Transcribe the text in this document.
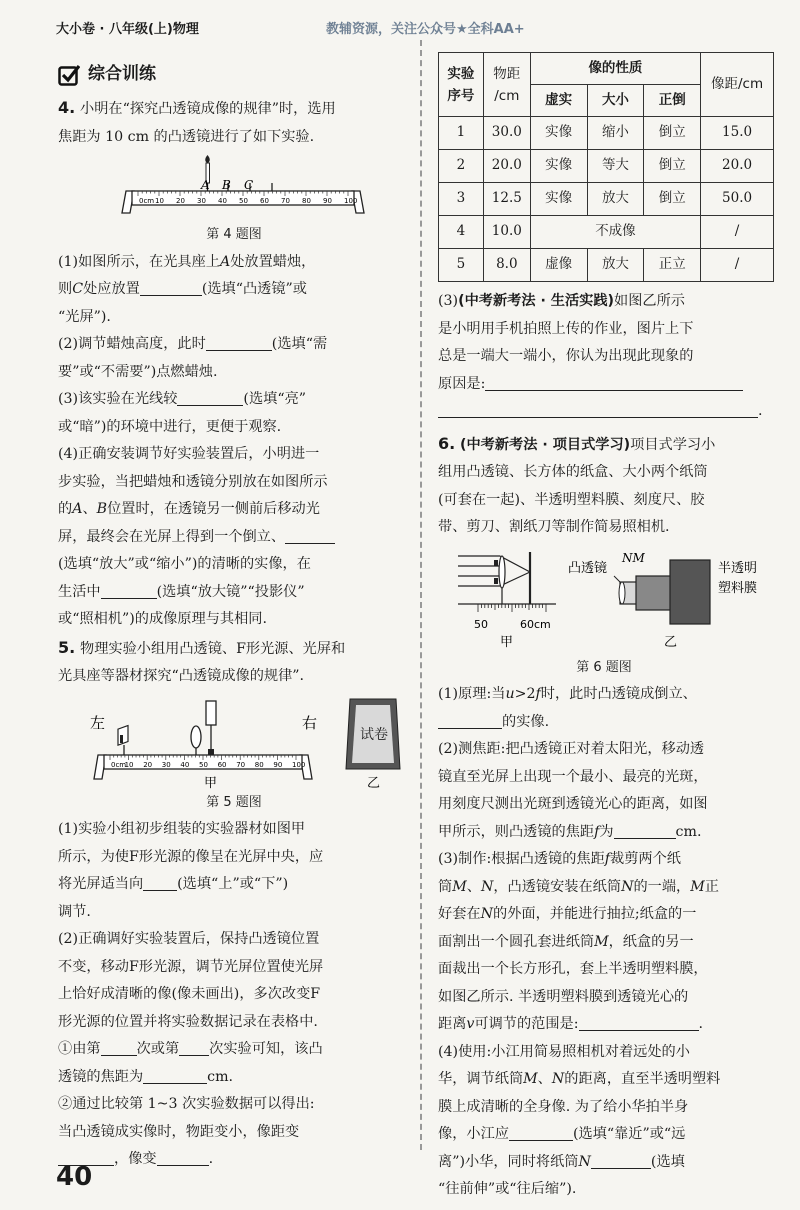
大小卷 · 八年级(上)物理	教辅资源，关注公众号★全科AA+
综合训练

4. 小明在“探究凸透镜成像的规律”时，选用

焦距为 10 cm 的凸透镜进行了如下实验.

0cm 10 20 30 40 50 60 70 80 90 100
A B C
第 4 题图

(1)如图所示，在光具座上A处放置蜡烛，

则C处应放置	(选填“凸透镜”或

“光屏”).

(2)调节蜡烛高度，此时	(选填“需

要”或“不需要”)点燃蜡烛.

(3)该实验在光线较	(选填“亮”

或“暗”)的环境中进行，更便于观察.

(4)正确安装调节好实验装置后，小明进一

步实验，当把蜡烛和透镜分别放在如图所示

的A、B位置时，在透镜另一侧前后移动光

屏，最终会在光屏上得到一个倒立、

(选填“放大”或“缩小”)的清晰的实像，在

生活中	(选填“放大镜”“投影仪”

或“照相机”)的成像原理与其相同.

5. 物理实验小组用凸透镜、F形光源、光屏和

光具座等器材探究“凸透镜成像的规律”.

左	右
0cm
10 20 30 40 50 60 70 80 90 100
试卷
甲	乙
第 5 题图

(1)实验小组初步组装的实验器材如图甲

所示，为使F形光源的像呈在光屏中央，应

将光屏适当向 (选填“上”或“下”)

调节.

(2)正确调好实验装置后，保持凸透镜位置

不变，移动F形光源，调节光屏位置使光屏

上恰好成清晰的像(像未画出)，多次改变F

形光源的位置并将实验数据记录在表格中.

①由第	次或第 次实验可知，该凸

透镜的焦距为	cm.

②通过比较第 1~3 次实验数据可以得出:

当凸透镜成实像时，物距变小，像距变

，像变	.

实验
序号	物距
/cm	像的性质			像距/cm
		虚实	大小	正倒	
1	30.0	实像	缩小	倒立	15.0
2	20.0	实像	等大	倒立	20.0
3	12.5	实像	放大	倒立	50.0
4	10.0	不成像			/
5	8.0	虚像	放大	正立	/

(3)(中考新考法 · 生活实践)如图乙所示

是小明用手机拍照上传的作业，图片上下

总是一端大一端小，你认为出现此现象的

原因是:

.

6. (中考新考法 · 项目式学习)项目式学习小

组用凸透镜、长方体的纸盒、大小两个纸筒

(可套在一起)、半透明塑料膜、刻度尺、胶

带、剪刀、割纸刀等制作简易照相机.

50	60cm
甲
凸透镜
NM
半透明
塑料膜
乙
第 6 题图

(1)原理:当u>2f时，此时凸透镜成倒立、

的实像.

(2)测焦距:把凸透镜正对着太阳光，移动透

镜直至光屏上出现一个最小、最亮的光斑，

用刻度尺测出光斑到透镜光心的距离，如图

甲所示，则凸透镜的焦距f为	cm.

(3)制作:根据凸透镜的焦距f裁剪两个纸

筒M、N，凸透镜安装在纸筒N的一端，M正

好套在N的外面，并能进行抽拉;纸盒的一

面割出一个圆孔套进纸筒M，纸盒的另一

面裁出一个长方形孔，套上半透明塑料膜，

如图乙所示. 半透明塑料膜到透镜光心的

距离v可调节的范围是:	.

(4)使用:小江用简易照相机对着远处的小

华，调节纸筒M、N的距离，直至半透明塑料

膜上成清晰的全身像. 为了给小华拍半身

像，小江应	(选填“靠近”或“远

离”)小华，同时将纸筒N	(选填

“往前伸”或“往后缩”).

40
